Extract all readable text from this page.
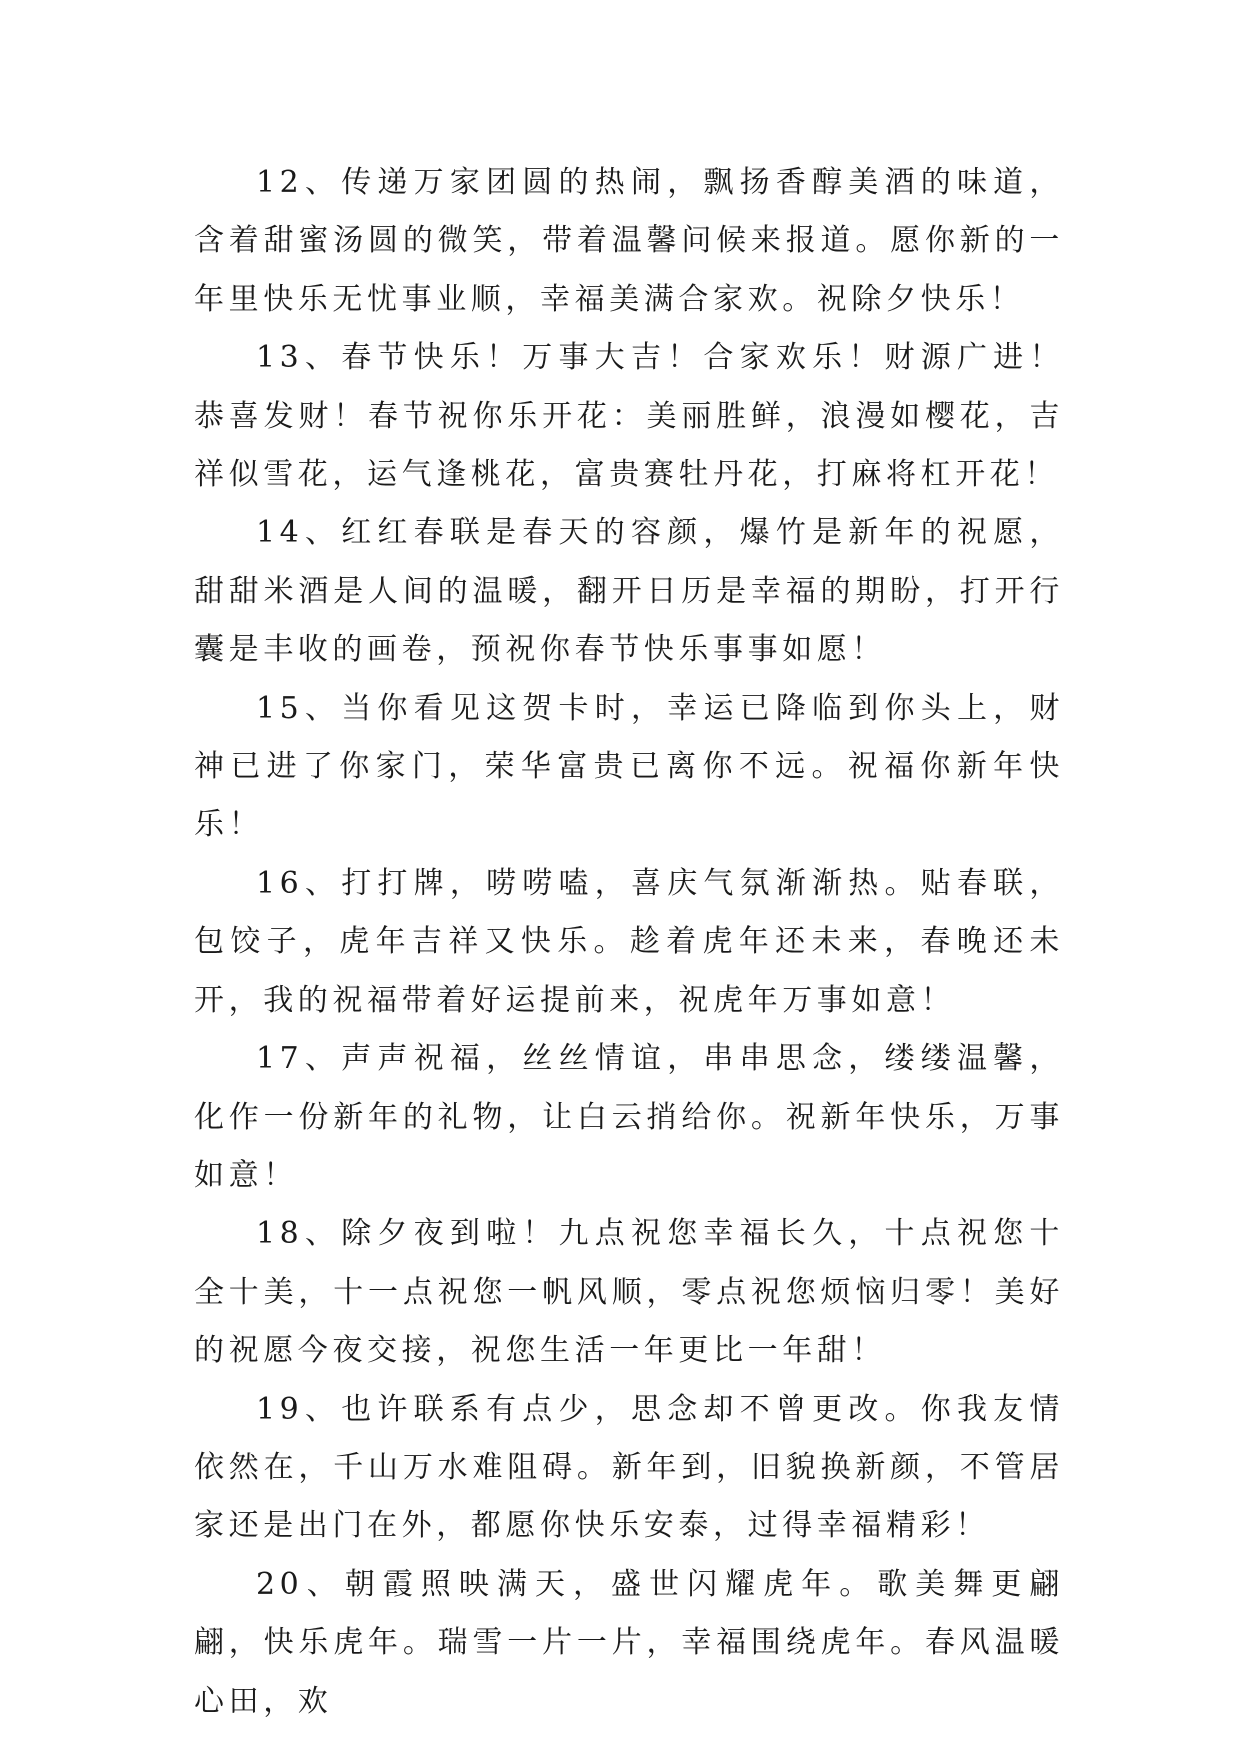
12、传递万家团圆的热闹，飘扬香醇美酒的味道，含着甜蜜汤圆的微笑，带着温馨问候来报道。愿你新的一年里快乐无忧事业顺，幸福美满合家欢。祝除夕快乐！

13、春节快乐！万事大吉！合家欢乐！财源广进！恭喜发财！春节祝你乐开花：美丽胜鲜，浪漫如樱花，吉祥似雪花，运气逢桃花，富贵赛牡丹花，打麻将杠开花！

14、红红春联是春天的容颜，爆竹是新年的祝愿，甜甜米酒是人间的温暖，翻开日历是幸福的期盼，打开行囊是丰收的画卷，预祝你春节快乐事事如愿！

15、当你看见这贺卡时，幸运已降临到你头上，财神已进了你家门，荣华富贵已离你不远。祝福你新年快乐！

16、打打牌，唠唠嗑，喜庆气氛渐渐热。贴春联，包饺子，虎年吉祥又快乐。趁着虎年还未来，春晚还未开，我的祝福带着好运提前来，祝虎年万事如意！

17、声声祝福，丝丝情谊，串串思念，缕缕温馨，化作一份新年的礼物，让白云捎给你。祝新年快乐，万事如意！

18、除夕夜到啦！九点祝您幸福长久，十点祝您十全十美，十一点祝您一帆风顺，零点祝您烦恼归零！美好的祝愿今夜交接，祝您生活一年更比一年甜！

19、也许联系有点少，思念却不曾更改。你我友情依然在，千山万水难阻碍。新年到，旧貌换新颜，不管居家还是出门在外，都愿你快乐安泰，过得幸福精彩！

20、朝霞照映满天，盛世闪耀虎年。歌美舞更翩翩，快乐虎年。瑞雪一片一片，幸福围绕虎年。春风温暖心田，欢
